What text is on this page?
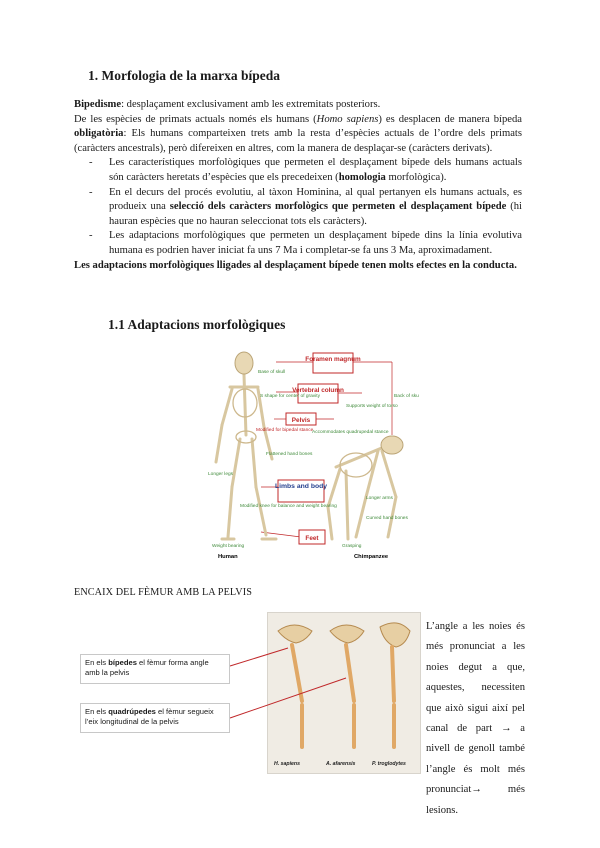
1. Morfologia de la marxa bípeda
Bipedisme: desplaçament exclusivament amb les extremitats posteriors.
De les espècies de primats actuals només els humans (Homo sapiens) es desplacen de manera bípeda obligatòria: Els humans comparteixen trets amb la resta d’espècies actuals de l’ordre dels primats (caràcters ancestrals), però difereixen en altres, com la manera de desplaçar-se (caràcters derivats).
- Les característiques morfològiques que permeten el desplaçament bípede dels humans actuals són caràcters heretats d’espècies que els precedeixen (homologia morfològica).
- En el decurs del procés evolutiu, al tàxon Hominina, al qual pertanyen els humans actuals, es produeix una selecció dels caràcters morfològics que permeten el desplaçament bípede (hi hauran espècies que no hauran seleccionat tots els caràcters).
- Les adaptacions morfològiques que permeten un desplaçament bípede dins la línia evolutiva humana es podrien haver iniciat fa uns 7 Ma i completar-se fa uns 3 Ma, aproximadament.
Les adaptacions morfològiques lligades al desplaçament bípede tenen molts efectes en la conducta.
1.1 Adaptacions morfològiques
Foramen magnum
Vertebral column
Pelvis
Limbs and body
Feet
Base of skull
S shape for center of gravity
Modified for bipedal stance
Flattened hand bones
Longer legs
Modified knee for balance and weight bearing
Weight bearing
Supports weight of torso
Back of skull
Accommodates quadrupedal stance
Longer arms
Curved hand bones
Grasping
Human	Chimpanzee
ENCAIX DEL FÈMUR AMB LA PELVIS
H. sapiens	A. afarensis	P. troglodytes
En els bípedes el fèmur forma angle amb la pelvis
En els quadrúpedes el fèmur segueix l’eix longitudinal de la pelvis
L’angle a les noies és més pronunciat a les noies degut a que, aquestes, necessiten que això sigui així pel canal de part → a nivell de genoll també l’angle és molt més pronunciat→ més lesions.
